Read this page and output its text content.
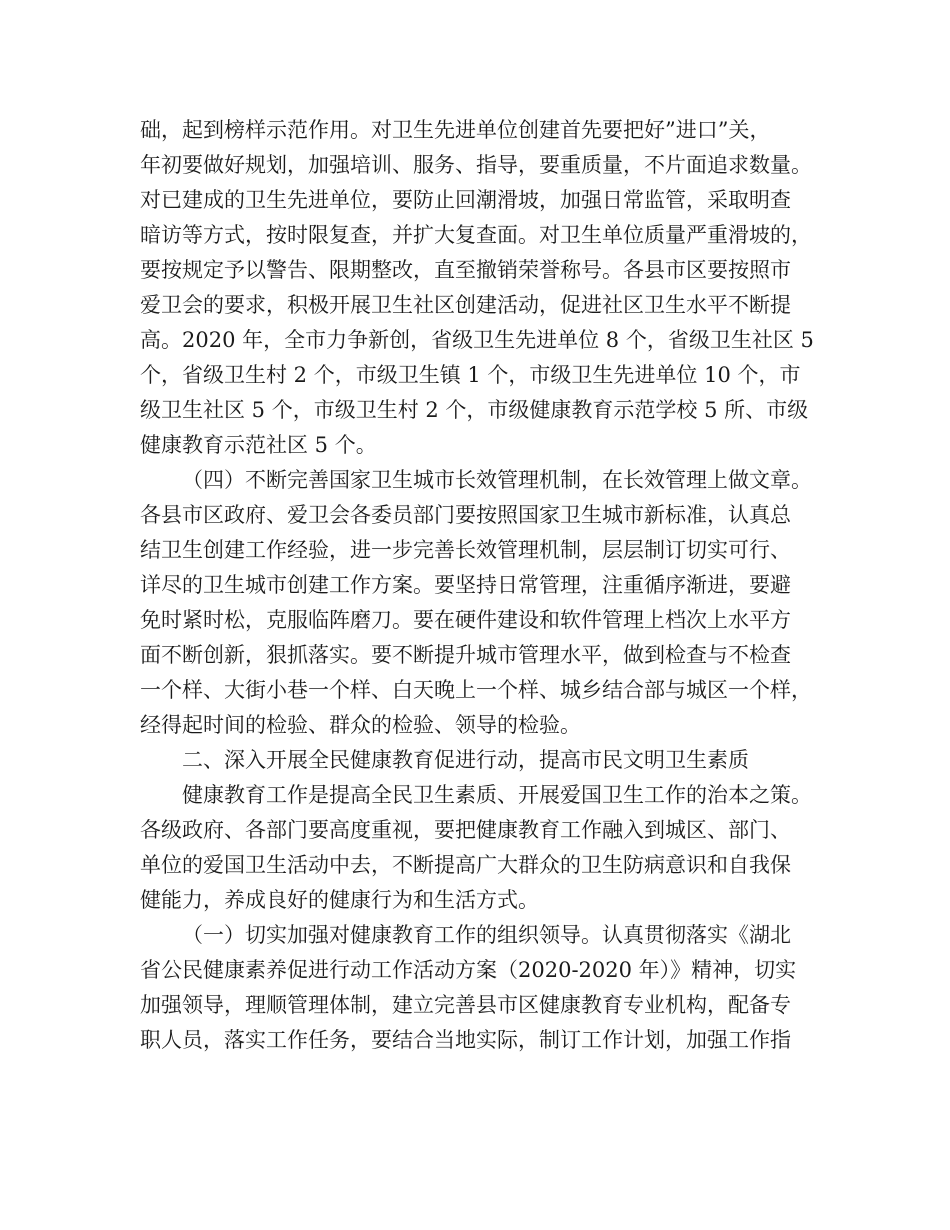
础，起到榜样示范作用。对卫生先进单位创建首先要把好”进口”关，
年初要做好规划，加强培训、服务、指导，要重质量，不片面追求数量。
对已建成的卫生先进单位，要防止回潮滑坡，加强日常监管，采取明查
暗访等方式，按时限复查，并扩大复查面。对卫生单位质量严重滑坡的，
要按规定予以警告、限期整改，直至撤销荣誉称号。各县市区要按照市
爱卫会的要求，积极开展卫生社区创建活动，促进社区卫生水平不断提
高。2020 年，全市力争新创，省级卫生先进单位 8 个，省级卫生社区 5
个，省级卫生村 2 个，市级卫生镇 1 个，市级卫生先进单位 10 个，市
级卫生社区 5 个，市级卫生村 2 个，市级健康教育示范学校 5 所、市级
健康教育示范社区 5 个。
（四）不断完善国家卫生城市长效管理机制，在长效管理上做文章。
各县市区政府、爱卫会各委员部门要按照国家卫生城市新标准，认真总
结卫生创建工作经验，进一步完善长效管理机制，层层制订切实可行、
详尽的卫生城市创建工作方案。要坚持日常管理，注重循序渐进，要避
免时紧时松，克服临阵磨刀。要在硬件建设和软件管理上档次上水平方
面不断创新，狠抓落实。要不断提升城市管理水平，做到检查与不检查
一个样、大街小巷一个样、白天晚上一个样、城乡结合部与城区一个样，
经得起时间的检验、群众的检验、领导的检验。
二、深入开展全民健康教育促进行动，提高市民文明卫生素质
健康教育工作是提高全民卫生素质、开展爱国卫生工作的治本之策。
各级政府、各部门要高度重视，要把健康教育工作融入到城区、部门、
单位的爱国卫生活动中去，不断提高广大群众的卫生防病意识和自我保
健能力，养成良好的健康行为和生活方式。
（一）切实加强对健康教育工作的组织领导。认真贯彻落实《湖北
省公民健康素养促进行动工作活动方案（2020-2020 年）》精神，切实
加强领导，理顺管理体制，建立完善县市区健康教育专业机构，配备专
职人员，落实工作任务，要结合当地实际，制订工作计划，加强工作指
